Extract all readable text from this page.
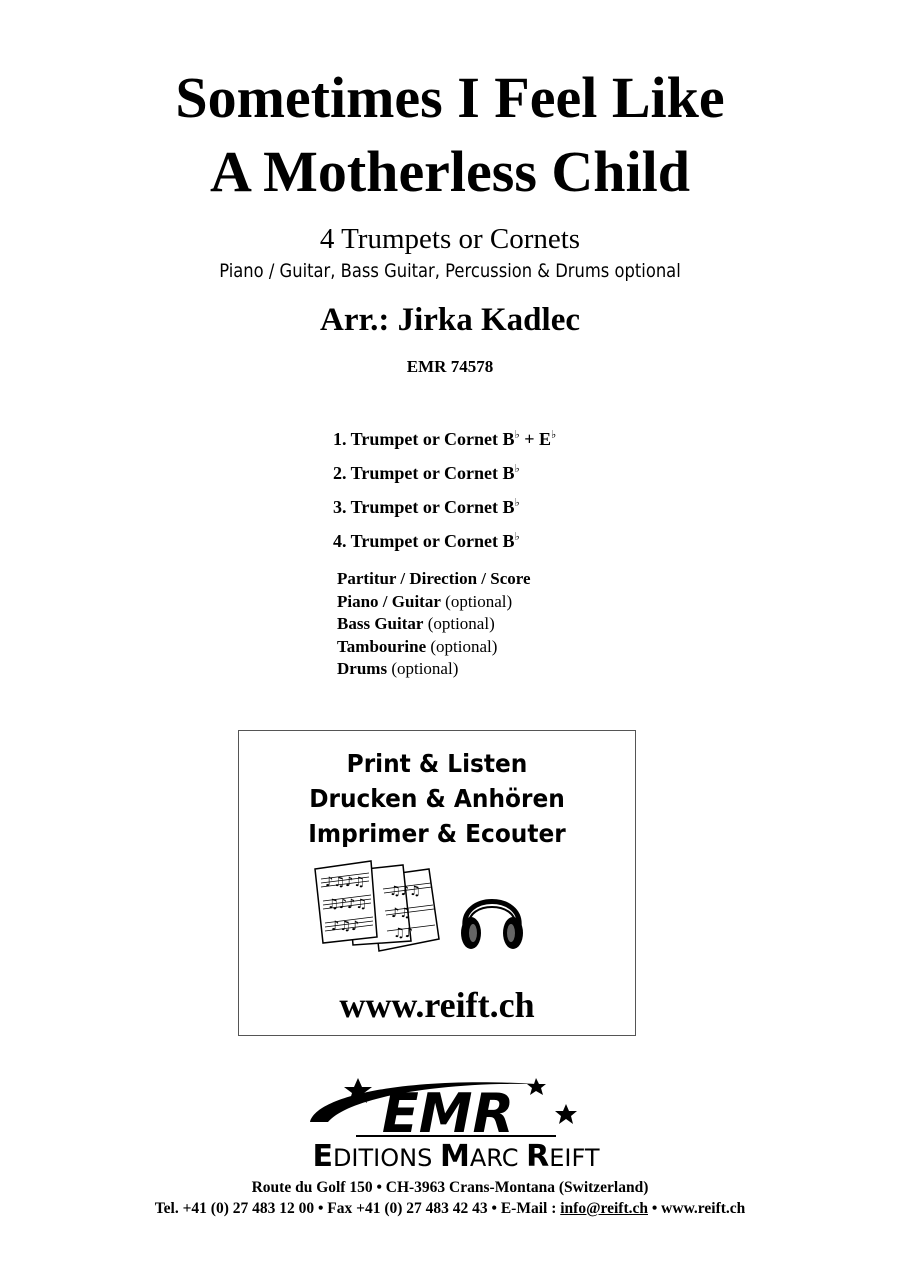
Sometimes I Feel Like
A Motherless Child
4 Trumpets or Cornets
Piano / Guitar, Bass Guitar, Percussion & Drums optional
Arr.: Jirka Kadlec
EMR 74578
1. Trumpet or Cornet B♭ + E♭
2. Trumpet or Cornet B♭
3. Trumpet or Cornet B♭
4. Trumpet or Cornet B♭
Partitur / Direction / Score
Piano / Guitar (optional)
Bass Guitar (optional)
Tambourine (optional)
Drums (optional)
Print & Listen
Drucken & Anhören
Imprimer & Ecouter
♪♫♪♫
♫♪♪♫
♪♫♪
♫♪♫
♪♫
♫♪
www.reift.ch
EMR
EDITIONS MARC REIFT
Route du Golf 150 • CH-3963 Crans-Montana (Switzerland)
Tel. +41 (0) 27 483 12 00 • Fax +41 (0) 27 483 42 43 • E-Mail : info@reift.ch • www.reift.ch
